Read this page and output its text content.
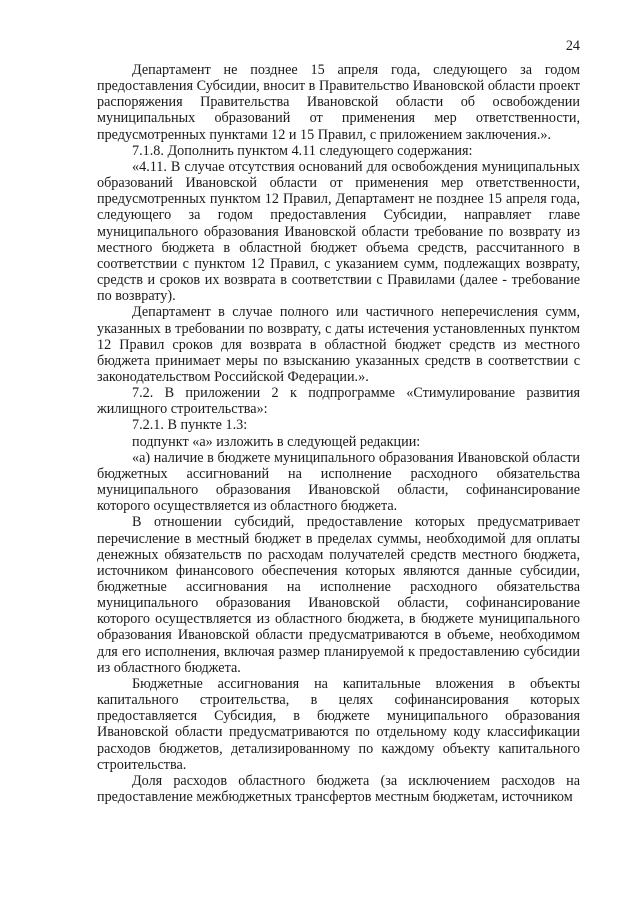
24

Департамент не позднее 15 апреля года, следующего за годом предоставления Субсидии, вносит в Правительство Ивановской области проект распоряжения Правительства Ивановской области об освобождении муниципальных образований от применения мер ответственности, предусмотренных пунктами 12 и 15 Правил, с приложением заключения.».

7.1.8. Дополнить пунктом 4.11 следующего содержания:

«4.11. В случае отсутствия оснований для освобождения муниципальных образований Ивановской области от применения мер ответственности, предусмотренных пунктом 12 Правил, Департамент не позднее 15 апреля года, следующего за годом предоставления Субсидии, направляет главе муниципального образования Ивановской области требование по возврату из местного бюджета в областной бюджет объема средств, рассчитанного в соответствии с пунктом 12 Правил, с указанием сумм, подлежащих возврату, средств и сроков их возврата в соответствии с Правилами (далее - требование по возврату).

Департамент в случае полного или частичного неперечисления сумм, указанных в требовании по возврату, с даты истечения установленных пунктом 12 Правил сроков для возврата в областной бюджет средств из местного бюджета принимает меры по взысканию указанных средств в соответствии с законодательством Российской Федерации.».

7.2. В приложении 2 к подпрограмме «Стимулирование развития жилищного строительства»:

7.2.1. В пункте 1.3:

подпункт «а» изложить в следующей редакции:

«а) наличие в бюджете муниципального образования Ивановской области бюджетных ассигнований на исполнение расходного обязательства муниципального образования Ивановской области, софинансирование которого осуществляется из областного бюджета.

В отношении субсидий, предоставление которых предусматривает перечисление в местный бюджет в пределах суммы, необходимой для оплаты денежных обязательств по расходам получателей средств местного бюджета, источником финансового обеспечения которых являются данные субсидии, бюджетные ассигнования на исполнение расходного обязательства муниципального образования Ивановской области, софинансирование которого осуществляется из областного бюджета, в бюджете муниципального образования Ивановской области предусматриваются в объеме, необходимом для его исполнения, включая размер планируемой к предоставлению субсидии из областного бюджета.

Бюджетные ассигнования на капитальные вложения в объекты капитального строительства, в целях софинансирования которых предоставляется Субсидия, в бюджете муниципального образования Ивановской области предусматриваются по отдельному коду классификации расходов бюджетов, детализированному по каждому объекту капитального строительства.

Доля расходов областного бюджета (за исключением расходов на предоставление межбюджетных трансфертов местным бюджетам, источником
